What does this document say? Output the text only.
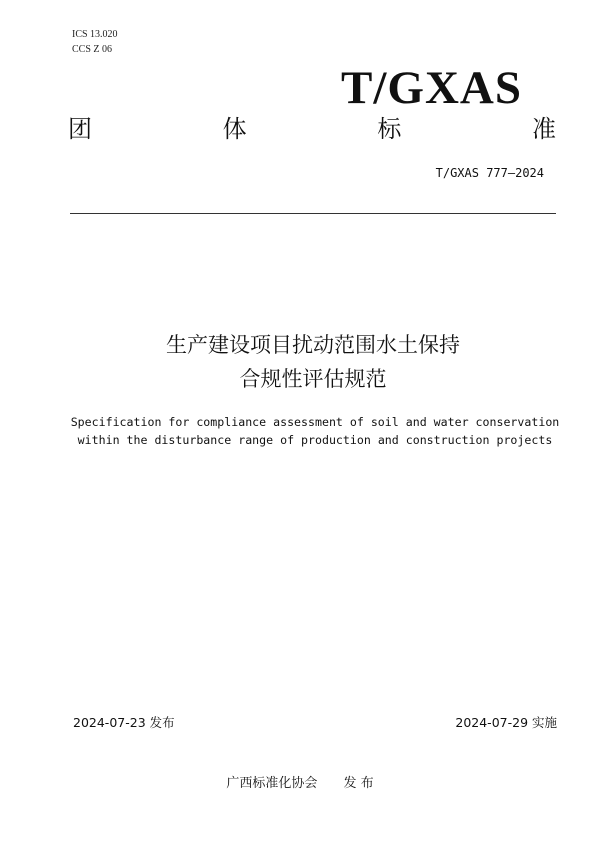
ICS 13.020
CCS Z 06
T/GXAS
团	体	标	准
T/GXAS 777—2024
生产建设项目扰动范围水土保持
合规性评估规范
Specification for compliance assessment of soil and water conservation
within the disturbance range of production and construction projects
2024-07-23 发布	2024-07-29 实施
广西标准化协会 发 布
